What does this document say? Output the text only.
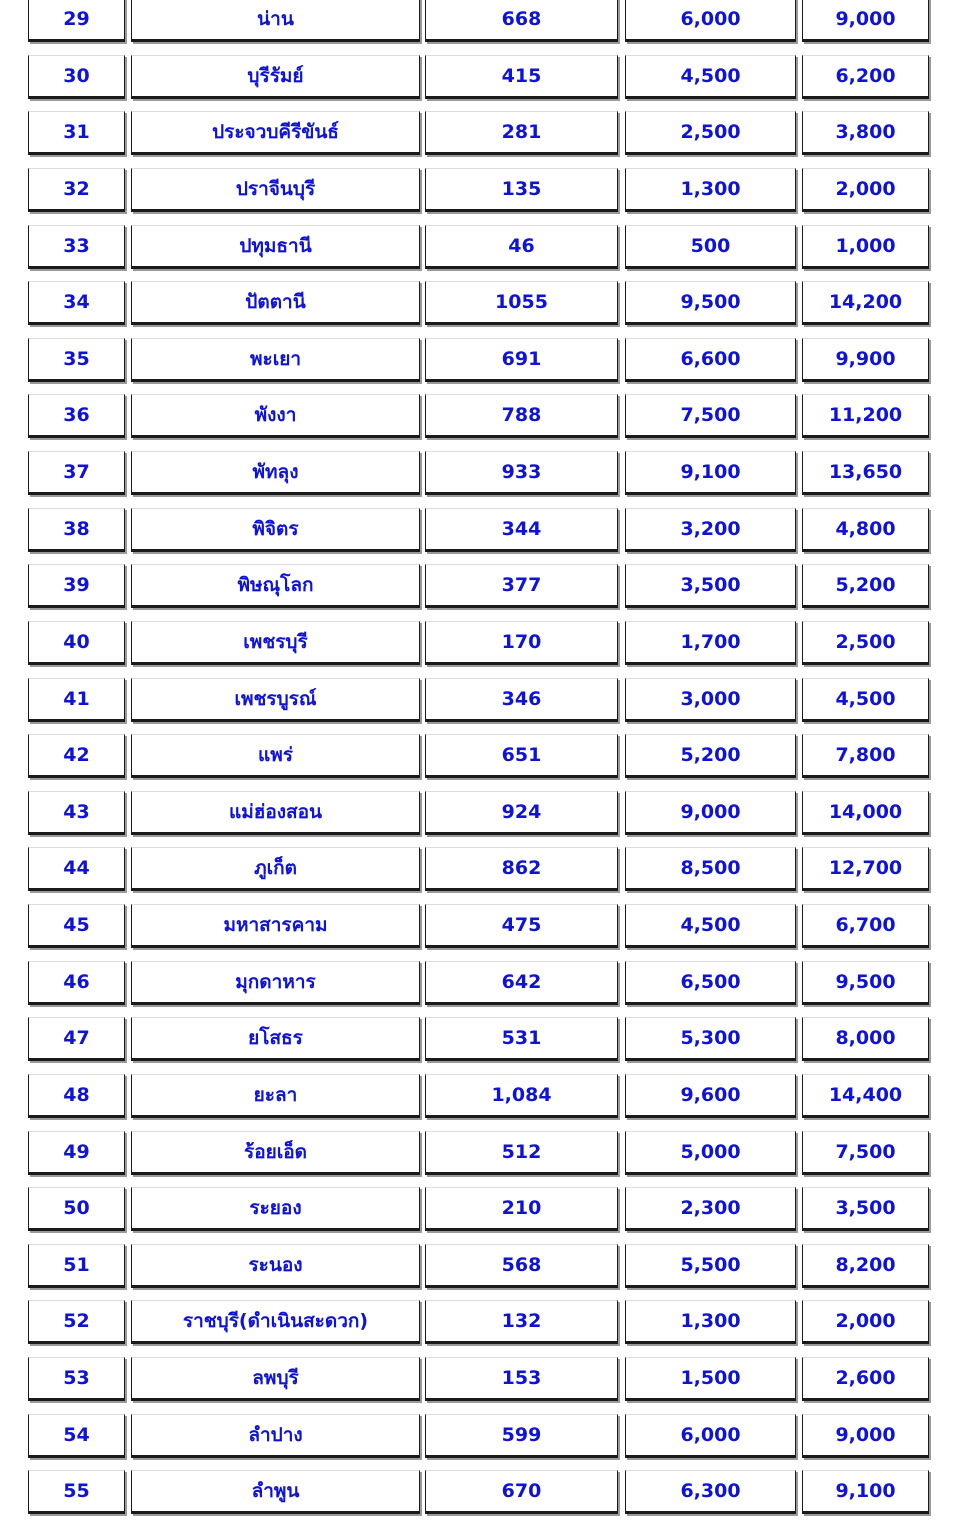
29	น่าน	668	6,000	9,000
30	บุรีรัมย์	415	4,500	6,200
31	ประจวบคีรีขันธ์	281	2,500	3,800
32	ปราจีนบุรี	135	1,300	2,000
33	ปทุมธานี	46	500	1,000
34	ปัตตานี	1055	9,500	14,200
35	พะเยา	691	6,600	9,900
36	พังงา	788	7,500	11,200
37	พัทลุง	933	9,100	13,650
38	พิจิตร	344	3,200	4,800
39	พิษณุโลก	377	3,500	5,200
40	เพชรบุรี	170	1,700	2,500
41	เพชรบูรณ์	346	3,000	4,500
42	แพร่	651	5,200	7,800
43	แม่ฮ่องสอน	924	9,000	14,000
44	ภูเก็ต	862	8,500	12,700
45	มหาสารคาม	475	4,500	6,700
46	มุกดาหาร	642	6,500	9,500
47	ยโสธร	531	5,300	8,000
48	ยะลา	1,084	9,600	14,400
49	ร้อยเอ็ด	512	5,000	7,500
50	ระยอง	210	2,300	3,500
51	ระนอง	568	5,500	8,200
52	ราชบุรี(ดำเนินสะดวก)	132	1,300	2,000
53	ลพบุรี	153	1,500	2,600
54	ลำปาง	599	6,000	9,000
55	ลำพูน	670	6,300	9,100
